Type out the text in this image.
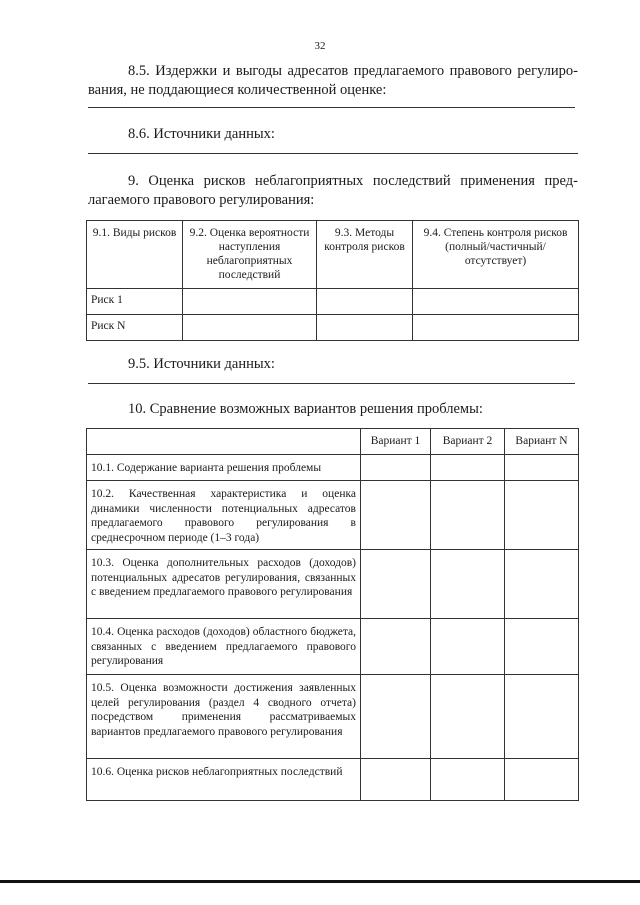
32
8.5. Издержки и выгоды адресатов предлагаемого правового регулиро-
вания, не поддающиеся количественной оценке:
8.6. Источники данных:
9. Оценка рисков неблагоприятных последствий применения пред-
лагаемого правового регулирования:
9.1. Виды рисков	9.2. Оценка вероятности наступления неблагоприятных последствий	9.3. Методы контроля рисков	9.4. Степень контроля рисков (полный/частичный/ отсутствует)
Риск 1			
Риск N			
9.5. Источники данных:
10. Сравнение возможных вариантов решения проблемы:
	Вариант 1	Вариант 2	Вариант N
10.1. Содержание варианта решения проблемы			
10.2. Качественная характеристика и оценка динамики численности потенциальных адресатов предлагаемого правового регулирования в среднесрочном периоде (1–3 года)			
10.3. Оценка дополнительных расходов (доходов) потенциальных адресатов регулирования, связанных с введением предлагаемого правового регулирования			
10.4. Оценка расходов (доходов) областного бюджета, связанных с введением предлагаемого правового регулирования			
10.5. Оценка возможности достижения заявленных целей регулирования (раздел 4 сводного отчета) посредством применения рассматриваемых вариантов предлагаемого правового регулирования			
10.6. Оценка рисков неблагоприятных последствий			
